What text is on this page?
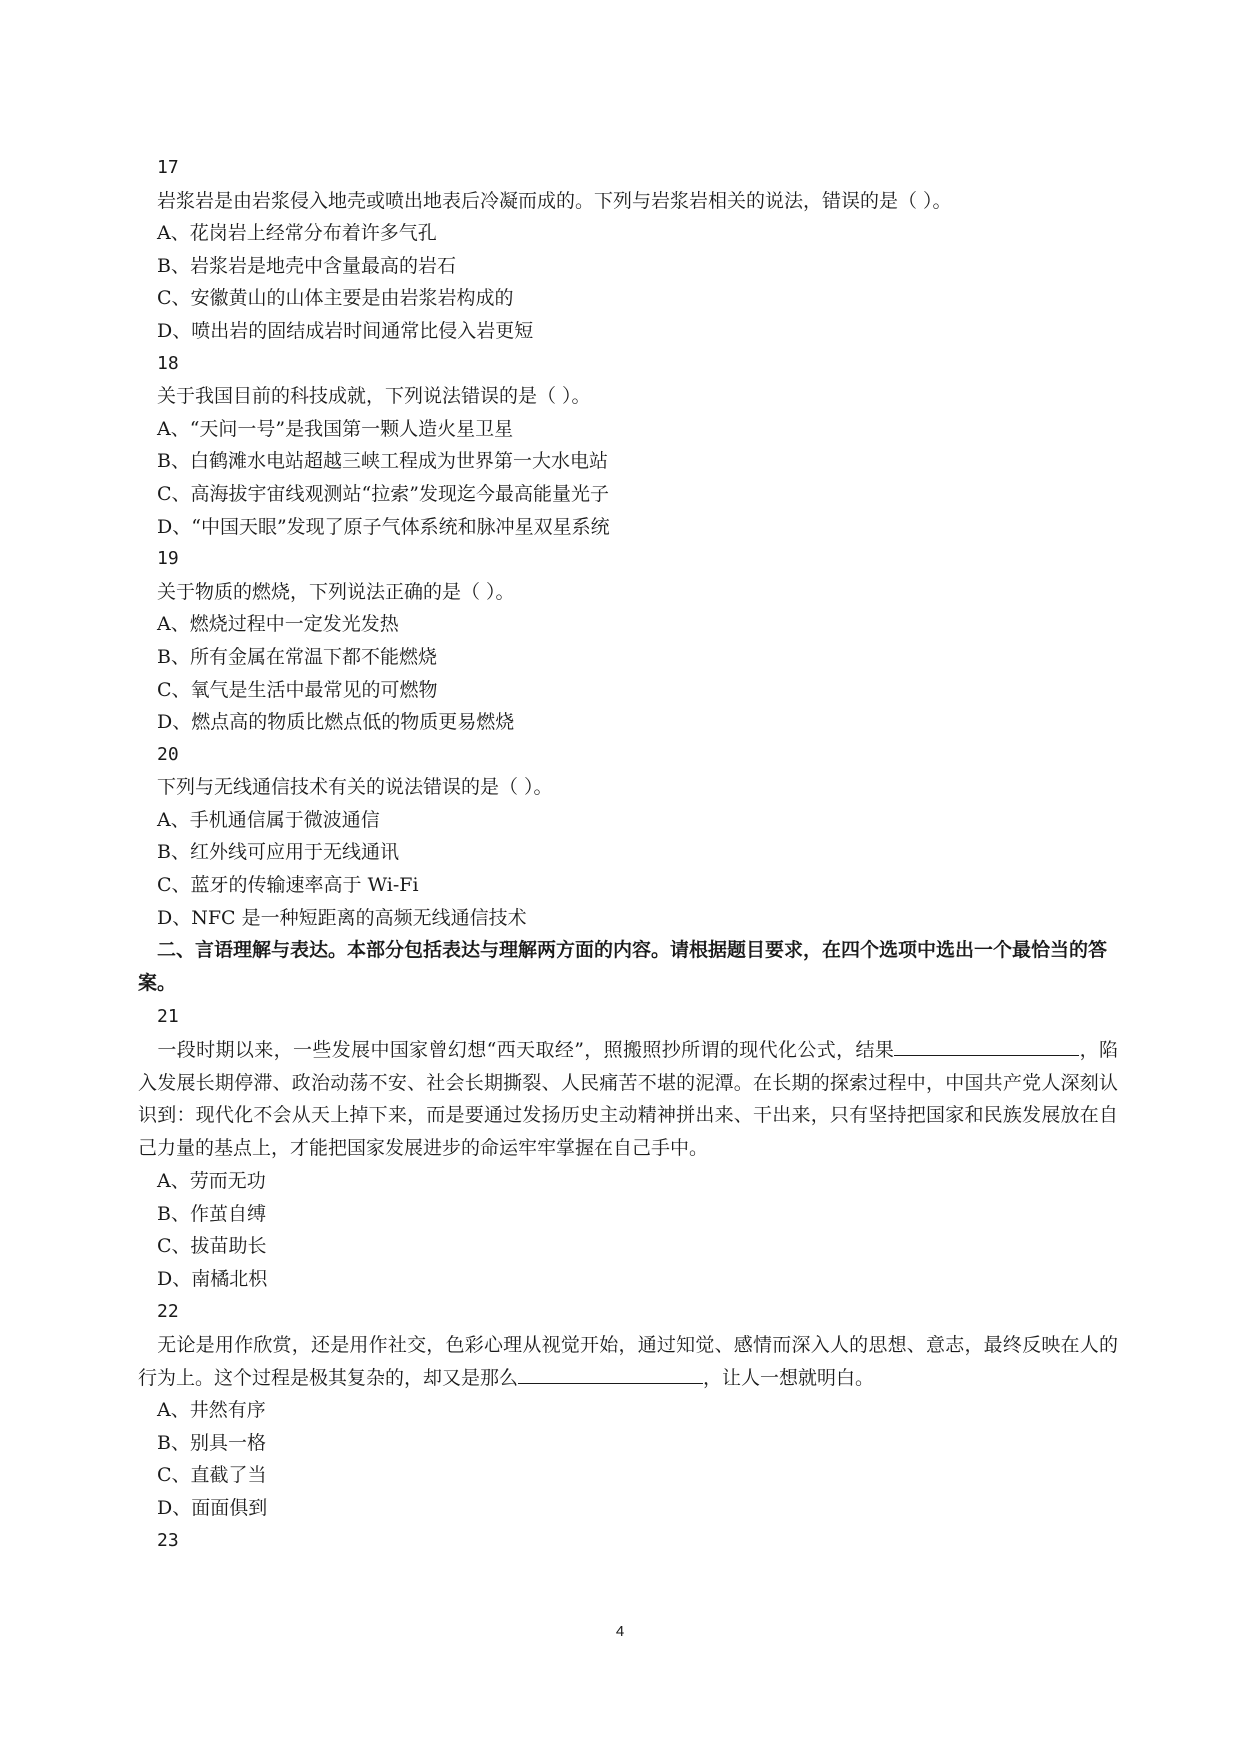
17
岩浆岩是由岩浆侵入地壳或喷出地表后冷凝而成的。下列与岩浆岩相关的说法，错误的是（ ）。
A、花岗岩上经常分布着许多气孔
B、岩浆岩是地壳中含量最高的岩石
C、安徽黄山的山体主要是由岩浆岩构成的
D、喷出岩的固结成岩时间通常比侵入岩更短
18
关于我国目前的科技成就，下列说法错误的是（ ）。
A、“天问一号”是我国第一颗人造火星卫星
B、白鹤滩水电站超越三峡工程成为世界第一大水电站
C、高海拔宇宙线观测站“拉索”发现迄今最高能量光子
D、“中国天眼”发现了原子气体系统和脉冲星双星系统
19
关于物质的燃烧，下列说法正确的是（ ）。
A、燃烧过程中一定发光发热
B、所有金属在常温下都不能燃烧
C、氧气是生活中最常见的可燃物
D、燃点高的物质比燃点低的物质更易燃烧
20
下列与无线通信技术有关的说法错误的是（ ）。
A、手机通信属于微波通信
B、红外线可应用于无线通讯
C、蓝牙的传输速率高于 Wi-Fi
D、NFC 是一种短距离的高频无线通信技术
二、言语理解与表达。本部分包括表达与理解两方面的内容。请根据题目要求，在四个选项中选出一个最恰当的答案。
21
一段时期以来，一些发展中国家曾幻想“西天取经”，照搬照抄所谓的现代化公式，结果	，陷入发展长期停滞、政治动荡不安、社会长期撕裂、人民痛苦不堪的泥潭。在长期的探索过程中，中国共产党人深刻认识到：现代化不会从天上掉下来，而是要通过发扬历史主动精神拼出来、干出来，只有坚持把国家和民族发展放在自己力量的基点上，才能把国家发展进步的命运牢牢掌握在自己手中。
A、劳而无功
B、作茧自缚
C、拔苗助长
D、南橘北枳
22
无论是用作欣赏，还是用作社交，色彩心理从视觉开始，通过知觉、感情而深入人的思想、意志，最终反映在人的行为上。这个过程是极其复杂的，却又是那么	，让人一想就明白。
A、井然有序
B、别具一格
C、直截了当
D、面面俱到
23
4
